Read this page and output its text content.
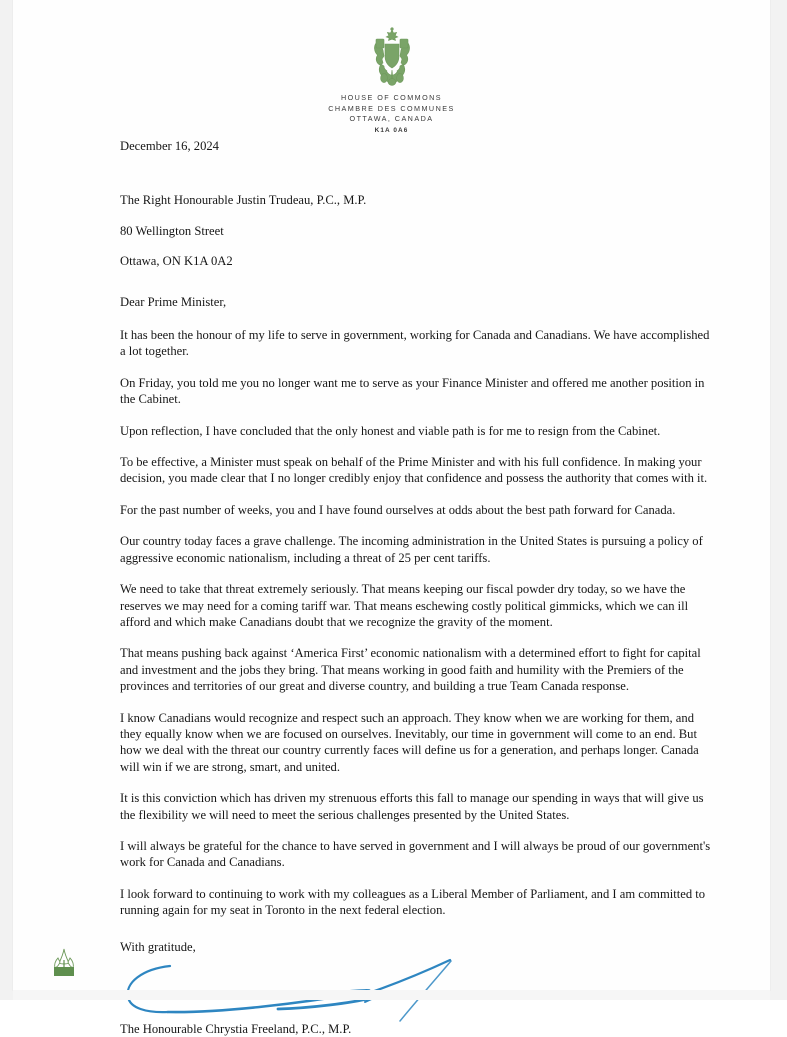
HOUSE OF COMMONS
CHAMBRE DES COMMUNES
OTTAWA, CANADA
K1A 0A6

December 16, 2024

The Right Honourable Justin Trudeau, P.C., M.P.

80 Wellington Street

Ottawa, ON K1A 0A2

Dear Prime Minister,

It has been the honour of my life to serve in government, working for Canada and Canadians. We have accomplished a lot together.

On Friday, you told me you no longer want me to serve as your Finance Minister and offered me another position in the Cabinet.

Upon reflection, I have concluded that the only honest and viable path is for me to resign from the Cabinet.

To be effective, a Minister must speak on behalf of the Prime Minister and with his full confidence. In making your decision, you made clear that I no longer credibly enjoy that confidence and possess the authority that comes with it.

For the past number of weeks, you and I have found ourselves at odds about the best path forward for Canada.

Our country today faces a grave challenge. The incoming administration in the United States is pursuing a policy of aggressive economic nationalism, including a threat of 25 per cent tariffs.

We need to take that threat extremely seriously. That means keeping our fiscal powder dry today, so we have the reserves we may need for a coming tariff war. That means eschewing costly political gimmicks, which we can ill afford and which make Canadians doubt that we recognize the gravity of the moment.

That means pushing back against ‘America First’ economic nationalism with a determined effort to fight for capital and investment and the jobs they bring. That means working in good faith and humility with the Premiers of the provinces and territories of our great and diverse country, and building a true Team Canada response.

I know Canadians would recognize and respect such an approach. They know when we are working for them, and they equally know when we are focused on ourselves. Inevitably, our time in government will come to an end. But how we deal with the threat our country currently faces will define us for a generation, and perhaps longer. Canada will win if we are strong, smart, and united.

It is this conviction which has driven my strenuous efforts this fall to manage our spending in ways that will give us the flexibility we will need to meet the serious challenges presented by the United States.

I will always be grateful for the chance to have served in government and I will always be proud of our government's work for Canada and Canadians.

I look forward to continuing to work with my colleagues as a Liberal Member of Parliament, and I am committed to running again for my seat in Toronto in the next federal election.

With gratitude,

The Honourable Chrystia Freeland, P.C., M.P.
